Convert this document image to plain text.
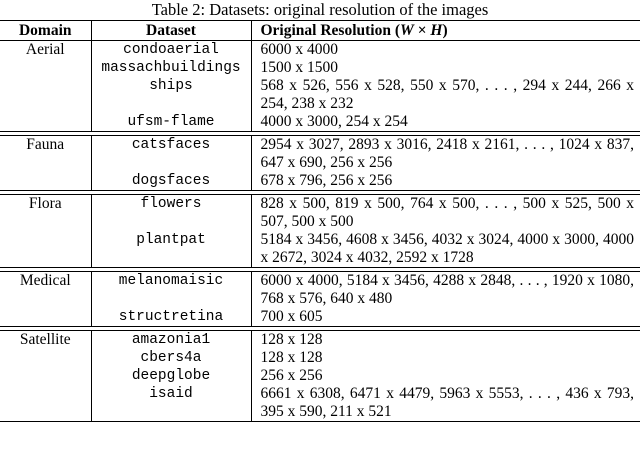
Table 2: Datasets: original resolution of the images
Domain	Dataset	Original Resolution (W × H)
Aerial	condoaerial	6000 x 4000
	massachbuildings	1500 x 1500
	ships	568 x 526, 556 x 528, 550 x 570, . . . , 294 x 244, 266 x 254, 238 x 232
	ufsm-flame	4000 x 3000, 254 x 254

Fauna	catsfaces	2954 x 3027, 2893 x 3016, 2418 x 2161, . . . , 1024 x 837, 647 x 690, 256 x 256
	dogsfaces	678 x 796, 256 x 256

Flora	flowers	828 x 500, 819 x 500, 764 x 500, . . . , 500 x 525, 500 x 507, 500 x 500
	plantpat	5184 x 3456, 4608 x 3456, 4032 x 3024, 4000 x 3000, 4000 x 2672, 3024 x 4032, 2592 x 1728

Medical	melanomaisic	6000 x 4000, 5184 x 3456, 4288 x 2848, . . . , 1920 x 1080, 768 x 576, 640 x 480
	structretina	700 x 605

Satellite	amazonia1	128 x 128
	cbers4a	128 x 128
	deepglobe	256 x 256
	isaid	6661 x 6308, 6471 x 4479, 5963 x 5553, . . . , 436 x 793, 395 x 590, 211 x 521
